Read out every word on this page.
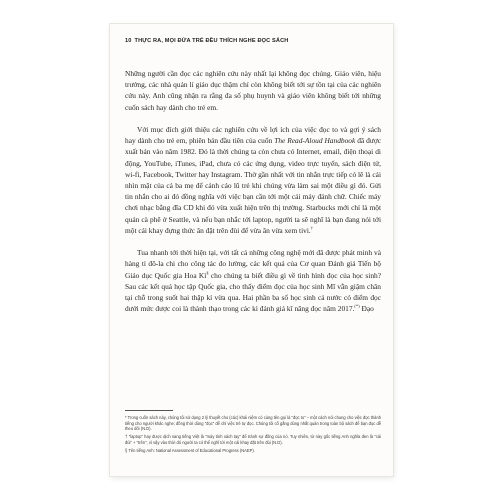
10 THỰC RA, MỌI ĐỨA TRẺ ĐỀU THÍCH NGHE ĐỌC SÁCH

Những người cần đọc các nghiên cứu này nhất lại không đọc chúng. Giáo viên, hiệu trưởng, các nhà quản lí giáo dục thậm chí còn không biết tới sự tồn tại của các nghiên cứu này. Anh cũng nhận ra rằng đa số phụ huynh và giáo viên không biết tới những cuốn sách hay dành cho trẻ em.

Với mục đích giới thiệu các nghiên cứu về lợi ích của việc đọc to và gợi ý sách hay dành cho trẻ em, phiên bản đầu tiên của cuốn The Read-Aloud Handbook đã được xuất bản vào năm 1982. Đó là thời chúng ta còn chưa có Internet, email, điện thoại di động, YouTube, iTunes, iPad, chưa có các ứng dụng, video trực tuyến, sách điện tử, wi-fi, Facebook, Twitter hay Instagram. Thờ gần nhất với tin nhắn trực tiếp có lẽ là cái nhìn mặt của cả ba mẹ để cảnh cáo lũ trẻ khi chúng vừa làm sai một điều gì đó. Gửi tin nhắn cho ai đó đồng nghĩa với việc bạn cần tới một cái máy đánh chữ. Chiếc máy chơi nhạc bằng đĩa CD khi đó vừa xuất hiện trên thị trường. Starbucks mới chỉ là một quán cà phê ở Seattle, và nếu bạn nhắc tới laptop, người ta sẽ nghĩ là bạn đang nói tới một cái khay đựng thức ăn đặt trên đùi để vừa ăn vừa xem tivi.†

Tua nhanh tới thời hiện tại, với tất cả những công nghệ mới đã được phát minh và hàng tỉ đô-la chi cho công tác đo lường, các kết quả của Cơ quan Đánh giá Tiến bộ Giáo dục Quốc gia Hoa Kì§ cho chúng ta biết điều gì về tình hình đọc của học sinh? Sau các kết quả học tập Quốc gia, cho thấy điểm đọc của học sinh Mĩ vẫn giậm chân tại chỗ trong suốt hai thập kỉ vừa qua. Hai phần ba số học sinh cả nước có điểm đọc dưới mức được coi là thành thạo trong các kì đánh giá kĩ năng đọc năm 2017.(*) Đạo

* Trong cuốn sách này, chúng tôi sử dụng 2 lý thuyết cho (các) khái niệm có cùng tên gọi là "đọc to" – một cách nói chung cho việc đọc thành tiếng cho người khác nghe; đồng thời dùng "đọc" để chỉ việc trẻ tự đọc. Chúng tôi cố gắng dùng nhất quán trong toàn bộ sách để bạn đọc dễ theo dõi (N.D).

† "laptop" hay được dịch sang tiếng Việt là "máy tính xách tay" để tránh sự đồng của nó. Tuy nhiên, từ này gốc tiếng Anh nghĩa đen là "cái đùi" + "trên", vì vậy vào thời đó người ta có thể nghĩ tới một cái khay đặt trên đùi (N.D).

§ Tên tiếng Anh: National Assessment of Educational Progress (NAEP).
